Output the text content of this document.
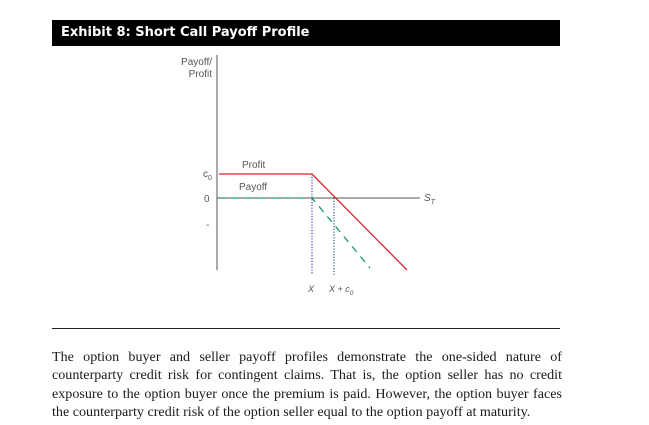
Exhibit 8: Short Call Payoff Profile
Payoff/
Profit
$c_0$
0
-
$S_T$
Profit
Payoff
X $X + c_0$

The option buyer and seller payoff profiles demonstrate the one-sided nature of
counterparty credit risk for contingent claims. That is, the option seller has no credit
exposure to the option buyer once the premium is paid. However, the option buyer faces
the counterparty credit risk of the option seller equal to the option payoff at maturity.
